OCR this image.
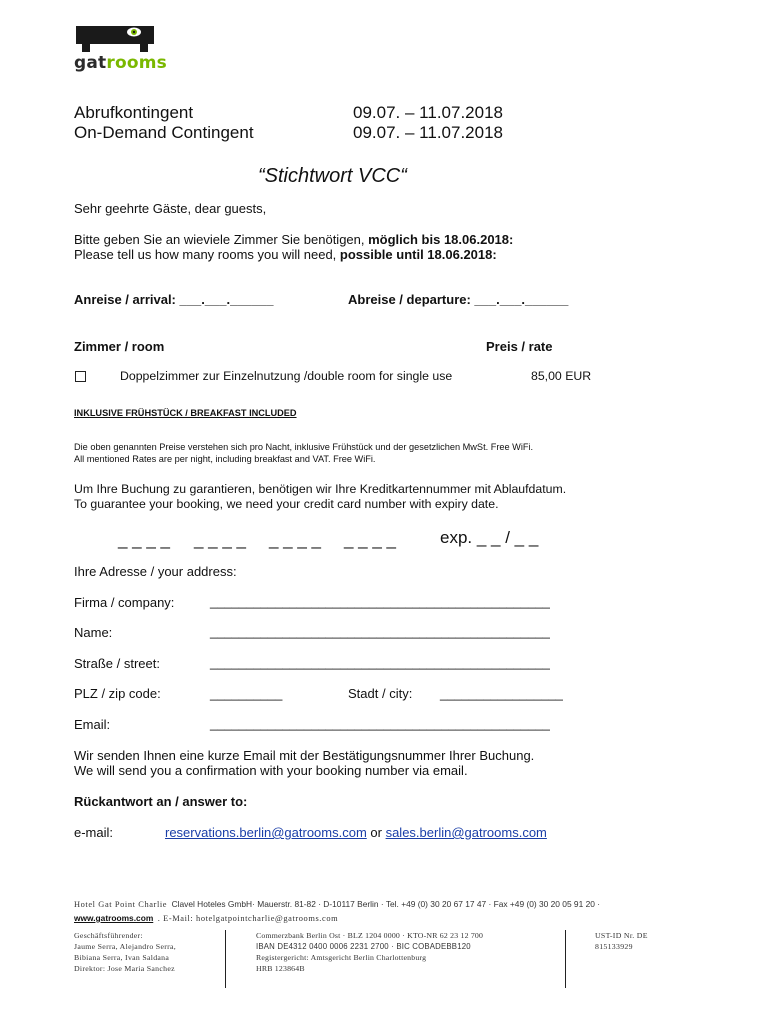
gatrooms
Abrufkontingent	09.07. – 11.07.2018
On-Demand Contingent	09.07. – 11.07.2018
“Stichtwort VCC“
Sehr geehrte Gäste, dear guests,
Bitte geben Sie an wieviele Zimmer Sie benötigen, möglich bis 18.06.2018:
Please tell us how many rooms you will need, possible until 18.06.2018:
Anreise / arrival: ___.___.______	Abreise / departure: ___.___.______
Zimmer / room	Preis / rate
Doppelzimmer zur Einzelnutzung /double room for single use	85,00 EUR
INKLUSIVE FRÜHSTÜCK / BREAKFAST INCLUDED
Die oben genannten Preise verstehen sich pro Nacht, inklusive Frühstück und der gesetzlichen MwSt. Free WiFi.
All mentioned Rates are per night, including breakfast and VAT. Free WiFi.
Um Ihre Buchung zu garantieren, benötigen wir Ihre Kreditkartennummer mit Ablaufdatum.
To guarantee your booking, we need your credit card number with expiry date.
_ _ _ _ _ _ _ _ _ _ _ _ _ _ _ _	exp. _ _ / _ _
Ihre Adresse / your address:
Firma / company:	_______________________________________________
Name:	_______________________________________________
Straße / street:	_______________________________________________
PLZ / zip code:	__________	Stadt / city: _________________
Email:	_______________________________________________
Wir senden Ihnen eine kurze Email mit der Bestätigungsnummer Ihrer Buchung.
We will send you a confirmation with your booking number via email.
Rückantwort an / answer to:
e-mail:	reservations.berlin@gatrooms.com or sales.berlin@gatrooms.com
Hotel Gat Point Charlie Clavel Hoteles GmbH· Mauerstr. 81-82 · D-10117 Berlin · Tel. +49 (0) 30 20 67 17 47 · Fax +49 (0) 30 20 05 91 20 ·
www.gatrooms.com . E-Mail: hotelgatpointcharlie@gatrooms.com
Geschäftsführender:
Jaume Serra, Alejandro Serra,
Bibiana Serra, Ivan Saldana
Direktor: Jose Maria Sanchez
Commerzbank Berlin Ost · BLZ 1204 0000 · KTO-NR 62 23 12 700
IBAN DE4312 0400 0006 2231 2700 · BIC COBADEBB120
Registergericht: Amtsgericht Berlin Charlottenburg
HRB 123864B
UST-ID Nr. DE
815133929
